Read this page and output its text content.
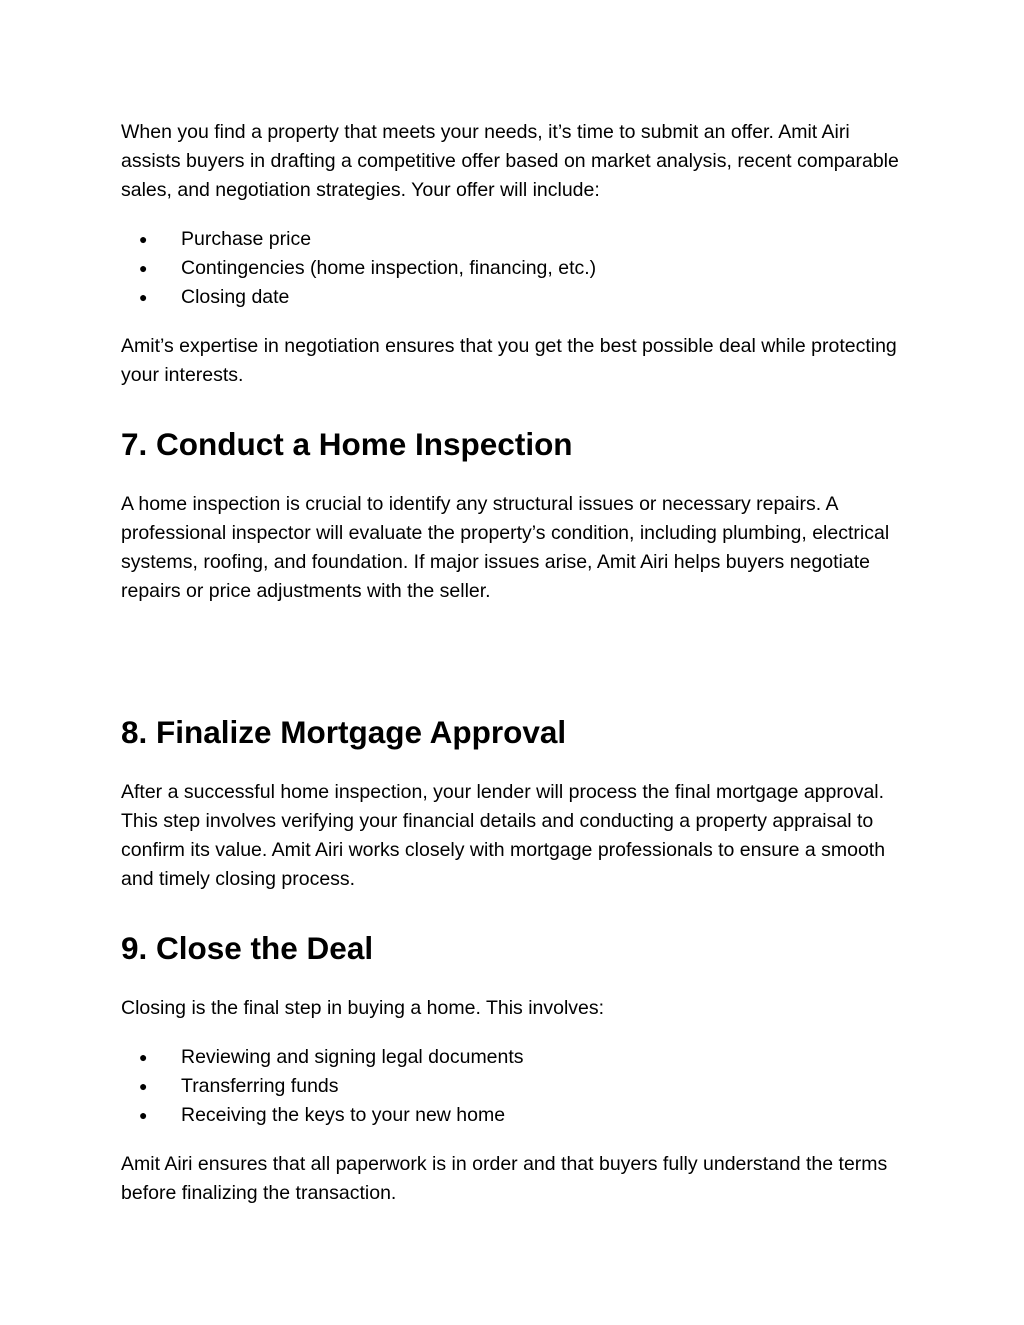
When you find a property that meets your needs, it’s time to submit an offer. Amit Airi assists buyers in drafting a competitive offer based on market analysis, recent comparable sales, and negotiation strategies. Your offer will include:

● Purchase price
● Contingencies (home inspection, financing, etc.)
● Closing date

Amit’s expertise in negotiation ensures that you get the best possible deal while protecting your interests.

7. Conduct a Home Inspection

A home inspection is crucial to identify any structural issues or necessary repairs. A professional inspector will evaluate the property’s condition, including plumbing, electrical systems, roofing, and foundation. If major issues arise, Amit Airi helps buyers negotiate repairs or price adjustments with the seller.

8. Finalize Mortgage Approval

After a successful home inspection, your lender will process the final mortgage approval. This step involves verifying your financial details and conducting a property appraisal to confirm its value. Amit Airi works closely with mortgage professionals to ensure a smooth and timely closing process.

9. Close the Deal

Closing is the final step in buying a home. This involves:

● Reviewing and signing legal documents
● Transferring funds
● Receiving the keys to your new home

Amit Airi ensures that all paperwork is in order and that buyers fully understand the terms before finalizing the transaction.
